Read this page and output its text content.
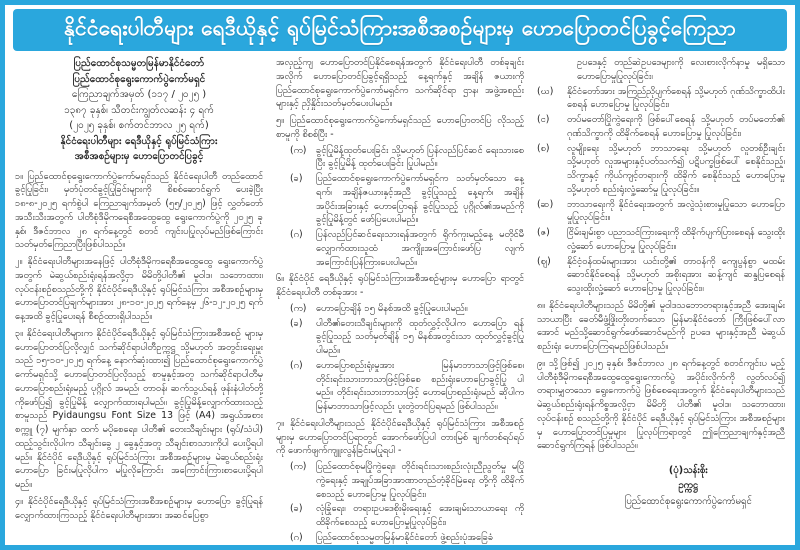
နိုင်ငံရေးပါတီများ ရေဒီယိုနှင့် ရုပ်မြင်သံကြားအစီအစဉ်များမှ ဟောပြောတင်ပြခွင့်ကြေညာ
ပြည်ထောင်စုသမ္မတမြန်မာနိုင်ငံတော်
ပြည်ထောင်စုရွေးကောက်ပွဲကော်မရှင်
ကြေညာချက်အမှတ် (၁၁၇ / ၂၀၂၅ )
၁၃၈၇ ခုနှစ်၊ သီတင်းကျွတ်လဆန်း ၄ ရက်
(၂၀၂၅ ခုနှစ်၊ စက်တင်ဘာလ ၂၅ ရက်)
နိုင်ငံရေးပါတီများ ရေဒီယိုနှင့် ရုပ်မြင်သံကြား
အစီအစဉ်များမှ ဟောပြောတင်ပြခွင့်

၁။ ပြည်ထောင်စုရွေးကောက်ပွဲကော်မရှင်သည် နိုင်ငံရေးပါတီ တည်ထောင်ခွင့်ပြုခြင်း၊ မှတ်ပုံတင်ခွင့်ပြုခြင်းများကို စိစစ်ဆောင်ရွက် ပေးခဲ့ပြီး ၁၈-၈-၂၀၂၅ ရက်စွဲပါ ကြေညာချက်အမှတ် (၅၅/၂၀၂၅) ဖြင့် လွှတ်တော်အသီးသီးအတွက် ပါတီစုံဒီမိုကရေစီအထွေထွေ ရွေးကောက်ပွဲကို ၂၀၂၅ ခုနှစ်၊ ဒီဇင်ဘာလ ၂၈ ရက်နေ့တွင် စတင် ကျင်းပပြုလုပ်မည်ဖြစ်ကြောင်း သတ်မှတ်ကြေညာပြီးဖြစ်ပါသည်။

၂။ နိုင်ငံရေးပါတီများအနေဖြင့် ပါတီစုံဒီမိုကရေစီအထွေထွေ ရွေးကောက်ပွဲအတွက် မဲဆွယ်စည်းရုံးရန်အလို့ငှာ မိမိတို့ပါတီ၏ မူဝါဒ၊ သဘောထား၊ လုပ်ငန်းစဉ်စသည်တို့ကို နိုင်ငံပိုင်ရေဒီယိုနှင့် ရုပ်မြင်သံကြား အစီအစဉ်များမှ ဟောပြောတင်ပြချက်များအား ၂၈-၁၀-၂၀၂၅ ရက်နေ့မှ ၂၆-၁၂-၂၀၂၅ ရက်နေ့အထိ ခွင့်ပြုပေးရန် စီစဉ်ထားရှိပါသည်။

၃။ နိုင်ငံရေးပါတီများက နိုင်ငံပိုင်ရေဒီယိုနှင့် ရုပ်မြင်သံကြားအစီအစဉ် များမှ ဟောပြောတင်ပြလိုလျှင် သက်ဆိုင်ရာပါတီဥက္ကဋ္ဌ သို့မဟုတ် အတွင်းရေးမှူးသည် ၁၅-၁၀-၂၀၂၅ ရက်နေ့ နောက်ဆုံးထား၍ ပြည်ထောင်စုရွေးကောက်ပွဲကော်မရှင်သို့ ဟောပြောတင်ပြလိုသည့် စာမူနှင့်အတူ သက်ဆိုင်ရာပါတီမှ ဟောပြောစည်းရုံးမည့် ပုဂ္ဂိုလ် အမည်၊ တာဝန်၊ ဆက်သွယ်ရန် ဖုန်းနံပါတ်တို့ကိုဖော်ပြ၍ ခွင့်ပြုမိန့် လျှောက်ထားရပါမည်။ ခွင့်ပြုမိန့်လျှောက်ထားသည့် စာမူသည် Pyidaungsu Font Size 13 ဖြင့် (A4) အရွယ်အစား စက္ကူ (၇) မျက်နှာ ထက် မပိုစေရေး၊ ပါတီ၏ တေးသီချင်းများ (ရုပ်/သံပါ) ထည့်သွင်းလိုပါက သီချင်းခွေ ၂ ခွေနှင့်အတူ သီချင်းစာသားကိုပါ ပေးပို့ရပါမည်။ နိုင်ငံပိုင် ရေဒီယိုနှင့် ရုပ်မြင်သံကြား အစီအစဉ်များမှ မဲဆွယ်စည်းရုံးဟောပြော ခြင်းမပြုလိုပါက မပြုလိုကြောင်း အကြောင်းကြားစာပေးပို့ရပါမည်။

၄။ နိုင်ငံပိုင်ရေဒီယိုနှင့် ရုပ်မြင်သံကြားအစီအစဉ်များမှ ဟောပြော ခွင့်ပြုရန် လျှောက်ထားကြသည့် နိုင်ငံရေးပါတီများအား အဆင်ပြေစွာ

အလှည့်ကျ ဟောပြောတင်ပြနိုင်စေရန်အတွက် နိုင်ငံရေးပါတီ တစ်ခုချင်းအလိုက် ဟောပြောတင်ပြခွင့်ရရှိသည့် နေ့ရက်နှင့် အချိန် ဇယားကို ပြည်ထောင်စုရွေးကောက်ပွဲကော်မရှင်က သက်ဆိုင်ရာ ဌာန၊ အဖွဲ့အစည်းများနှင့် ညှိနှိုင်းသတ်မှတ်ပေးပါမည်။

၅။ ပြည်ထောင်စုရွေးကောက်ပွဲကော်မရှင်သည် ဟောပြောတင်ပြ လိုသည့်စာမူကို စိစစ်ပြီး -

(က)	ခွင့်ပြုမိန့်ထုတ်ပေးခြင်း သို့မဟုတ် ပြန်လည်ပြင်ဆင် ရေးသားစေပြီး ခွင့်ပြုမိန့် ထုတ်ပေးခြင်း ပြုပါမည်။
(ခ)	ပြည်ထောင်စုရွေးကောက်ပွဲကော်မရှင်က သတ်မှတ်သော နေ့ရက်၊ အချိန်ဇယားနှင့်အညီ ခွင့်ပြုသည့် နေ့ရက်၊ အချိန်အပိုင်းအခြားနှင့် ဟောပြောရန် ခွင့်ပြုသည့် ပုဂ္ဂိုလ်၏အမည်ကို ခွင့်ပြုမိန့်တွင် ဖော်ပြပေးပါမည်။
(ဂ)	ပြန်လည်ပြင်ဆင်ရေးသားရန်အတွက် ရိုက်ကူးမည့်နေ့ မတိုင်မီ လျှောက်ထားသူထံ အကျိုးအကြောင်းဖော်ပြ လျက် အကြောင်းပြန်ကြားပေးပါမည်။

၆။ နိုင်ငံပိုင် ရေဒီယိုနှင့် ရုပ်မြင်သံကြားအစီအစဉ်များမှ ဟောပြော ရာတွင် နိုင်ငံရေးပါတီ တစ်ခုအား -

(က)	ဟောပြောချိန် ၁၅ မိနစ်အထိ ခွင့်ပြုပေးပါမည်။
(ခ)	ပါတီ၏တေးသီချင်းများကို ထုတ်လွှင့်လိုပါက ဟောပြော ရန် ခွင့်ပြုသည့် သတ်မှတ်ချိန် ၁၅ မိနစ်အတွင်းသာ ထုတ်လွှင့်ခွင့်ပြုပါမည်။
(ဂ)	ဟောပြောစည်းရုံးမှုအား မြန်မာဘာသာဖြင့်ဖြစ်စေ၊ တိုင်းရင်းသားဘာသာဖြင့်ဖြစ်စေ စည်းရုံးဟောပြောခွင့်ပြု ပါမည်။ တိုင်းရင်းသားဘာသာဖြင့် ဟောပြောစည်းရုံးမည် ဆိုပါက မြန်မာဘာသာဖြင့်လည်း ပူးတွဲတင်ပြရမည် ဖြစ်ပါသည်။

၇။ နိုင်ငံရေးပါတီများသည် နိုင်ငံပိုင်ရေဒီယိုနှင့် ရုပ်မြင်သံကြား အစီအစဉ်များမှ ဟောပြောတင်ပြရာတွင် အောက်ဖော်ပြပါ တားမြစ် ချက်တစ်ရပ်ရပ်ကို ဖောက်ဖျက်ကျူးလွန်ခြင်းမပြုရပါ -

(က)	ပြည်ထောင်စုမပြိုကွဲရေး၊ တိုင်းရင်းသားစည်းလုံးညီညွတ်မှု မပြိုကွဲရေးနှင့် အချုပ်အခြာအာဏာတည်တံ့ခိုင်မြဲရေး တို့ကို ထိခိုက်စေသည့် ဟောပြောမှု ပြုလုပ်ခြင်း၊
(ခ)	လုံခြုံရေး၊ တရားဥပဒေစိုးမိုးရေးနှင့် အေးချမ်းသာယာရေး ကို ထိခိုက်စေသည့် ဟောပြောမှုပြုလုပ်ခြင်း၊
(ဂ)	ပြည်ထောင်စုသမ္မတမြန်မာနိုင်ငံတော် ဖွဲ့စည်းပုံအခြေခံ
ဥပဒေနှင့် တည်ဆဲဥပဒေများကို လေးစားလိုက်နာမှု မရှိသော ဟောပြောမှုပြုလုပ်ခြင်း၊
(ဃ)	နိုင်ငံတော်အား အကြည်ညိုပျက်စေရန် သို့မဟုတ် ဂုဏ်သိက္ခာထိပါးစေရန် ဟောပြောမှု ပြုလုပ်ခြင်း၊
(င)	တပ်မတော်ပြိုကွဲရေးကို ဖြစ်ပေါ်စေရန် သို့မဟုတ် တပ်မတော်၏ ဂုဏ်သိက္ခာကို ထိခိုက်စေရန် ဟောပြောမှု ပြုလုပ်ခြင်း၊
(စ)	လူမျိုးရေး သို့မဟုတ် ဘာသာရေး သို့မဟုတ် လူတစ်ဦးချင်း သို့မဟုတ် လူအများနှင့်ပတ်သက်၍ ပဋိပက္ခဖြစ်ပေါ် စေနိုင်သည့်၊ သိက္ခာနှင့် ကိုယ်ကျင့်တရားကို ထိခိုက် စေနိုင်သည့် ဟောပြောမှု သို့မဟုတ် စည်းရုံးလှုံ့ဆော်မှု ပြုလုပ်ခြင်း။
(ဆ)	ဘာသာရေးကို နိုင်ငံရေးအတွက် အလွဲသုံးစားမှုပြုသော ဟောပြောမှုပြုလုပ်ခြင်း။
(ဇ)	ငြိမ်းချမ်းစွာ ပညာသင်ကြားရေးကို ထိခိုက်ပျက်ပြားစေရန် သွေးထိုးလှုံ့ဆော် ဟောပြောမှု ပြုလုပ်ခြင်း။
(ဈ)	နိုင်ငံ့ဝန်ထမ်းများအား ယင်းတို့၏ တာဝန်ကို ကျေပွန်စွာ မထမ်းဆောင်နိုင်စေရန် သို့မဟုတ် အစိုးရအား ဆန့်ကျင် ဆန္ဒပြစေရန် သွေးထိုးလှုံ့ဆော် ဟောပြောမှု ပြုလုပ်ခြင်း။

၈။ နိုင်ငံရေးပါတီများသည် မိမိတို့၏ မူဝါဒသဘောတရားနှင့်အညီ အေးချမ်းသာယာပြီး ခေတ်မီဖွံ့ဖြိုးတိုးတက်သော မြန်မာနိုင်ငံတော် ကြီးဖြစ်ပေါ်လာအောင် မည်သို့ဆောင်ရွက်ဖော်ဆောင်မည်ကို ဥပဒေ များနှင့်အညီ မဲဆွယ်စည်းရုံး ဟောပြောကြရမည်ဖြစ်ပါသည်။

၉။ သို့ဖြစ်၍ ၂၀၂၅ ခုနှစ်၊ ဒီဇင်ဘာလ ၂၈ ရက်နေ့တွင် စတင်ကျင်းပ မည့် ပါတီစုံဒီမိုကရေစီအထွေထွေရွေးကောက်ပွဲ အပိုင်းလိုက်ကို လွတ်လပ်၍ တရားမျှတသော ရွေးကောက်ပွဲ ဖြစ်စေရေးအတွက် နိုင်ငံရေးပါတီများသည် မဲဆွယ်စည်းရုံးရန်ကိစ္စအလို့ငှာ မိမိတို့ ပါတီ၏ မူဝါဒ၊ သဘောထား၊ လုပ်ငန်းစဉ် စသည်တို့ကို နိုင်ငံပိုင် ရေဒီယိုနှင့် ရုပ်မြင်သံကြား အစီအစဉ်များမှ ဟောပြောတင်ပြမှုများ ပြုလုပ်ကြရာတွင် ဤကြေညာချက်နှင့်အညီ ဆောင်ရွက်ကြရန် ဖြစ်ပါသည်။

(ပုံ)သန်းစိုး
ဥက္ကဋ္ဌ
ပြည်ထောင်စုရွေးကောက်ပွဲကော်မရှင်
